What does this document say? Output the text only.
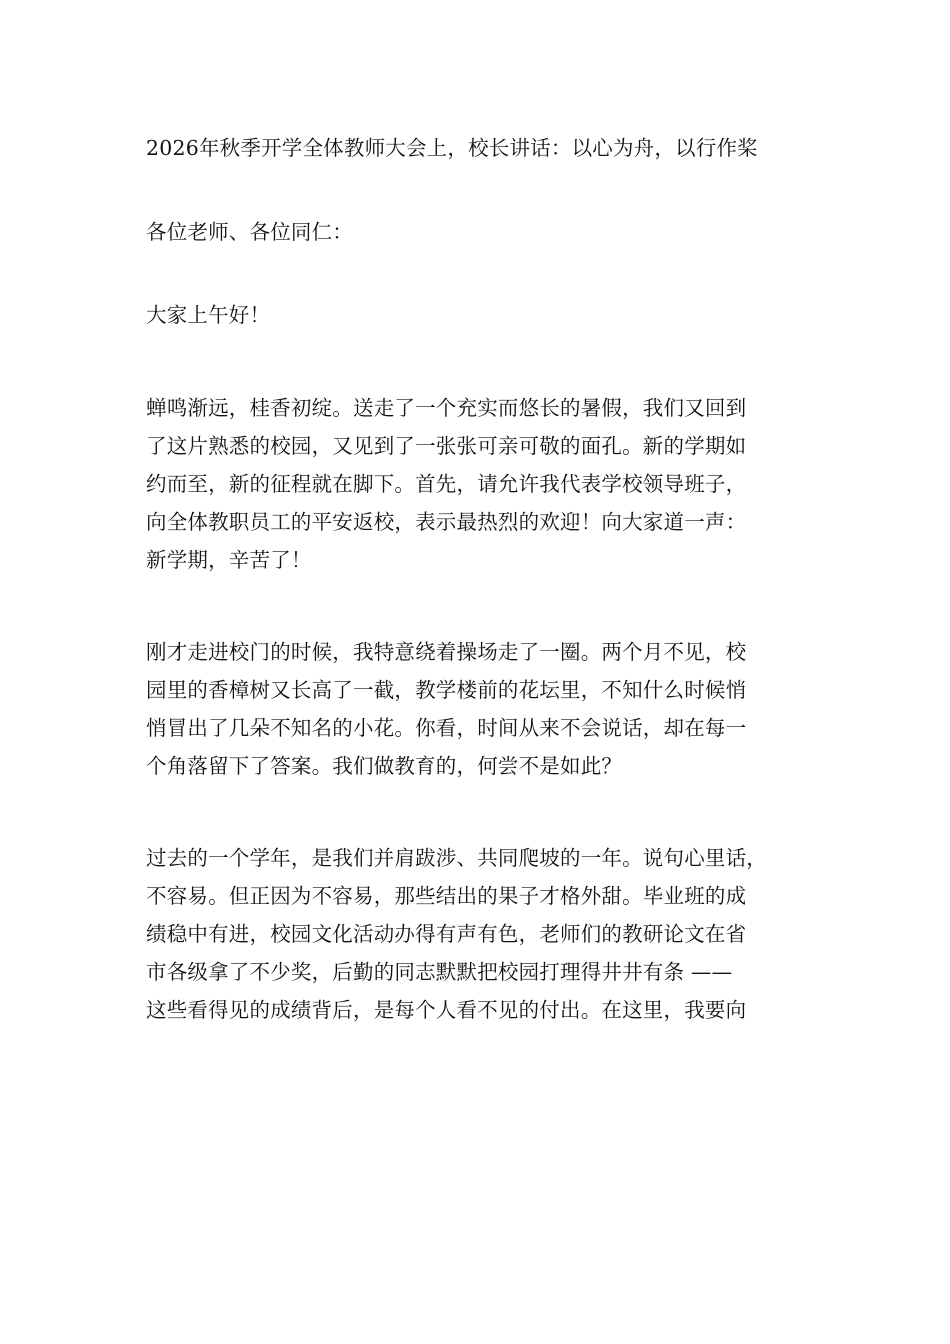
2026年秋季开学全体教师大会上，校长讲话：以心为舟，以行作桨
各位老师、各位同仁：
大家上午好！
蝉鸣渐远，桂香初绽。送走了一个充实而悠长的暑假，我们又回到
了这片熟悉的校园，又见到了一张张可亲可敬的面孔。新的学期如
约而至，新的征程就在脚下。首先，请允许我代表学校领导班子，
向全体教职员工的平安返校，表示最热烈的欢迎！向大家道一声：
新学期，辛苦了！
刚才走进校门的时候，我特意绕着操场走了一圈。两个月不见，校
园里的香樟树又长高了一截，教学楼前的花坛里，不知什么时候悄
悄冒出了几朵不知名的小花。你看，时间从来不会说话，却在每一
个角落留下了答案。我们做教育的，何尝不是如此？
过去的一个学年，是我们并肩跋涉、共同爬坡的一年。说句心里话，
不容易。但正因为不容易，那些结出的果子才格外甜。毕业班的成
绩稳中有进，校园文化活动办得有声有色，老师们的教研论文在省
市各级拿了不少奖，后勤的同志默默把校园打理得井井有条 ——
这些看得见的成绩背后，是每个人看不见的付出。在这里，我要向
